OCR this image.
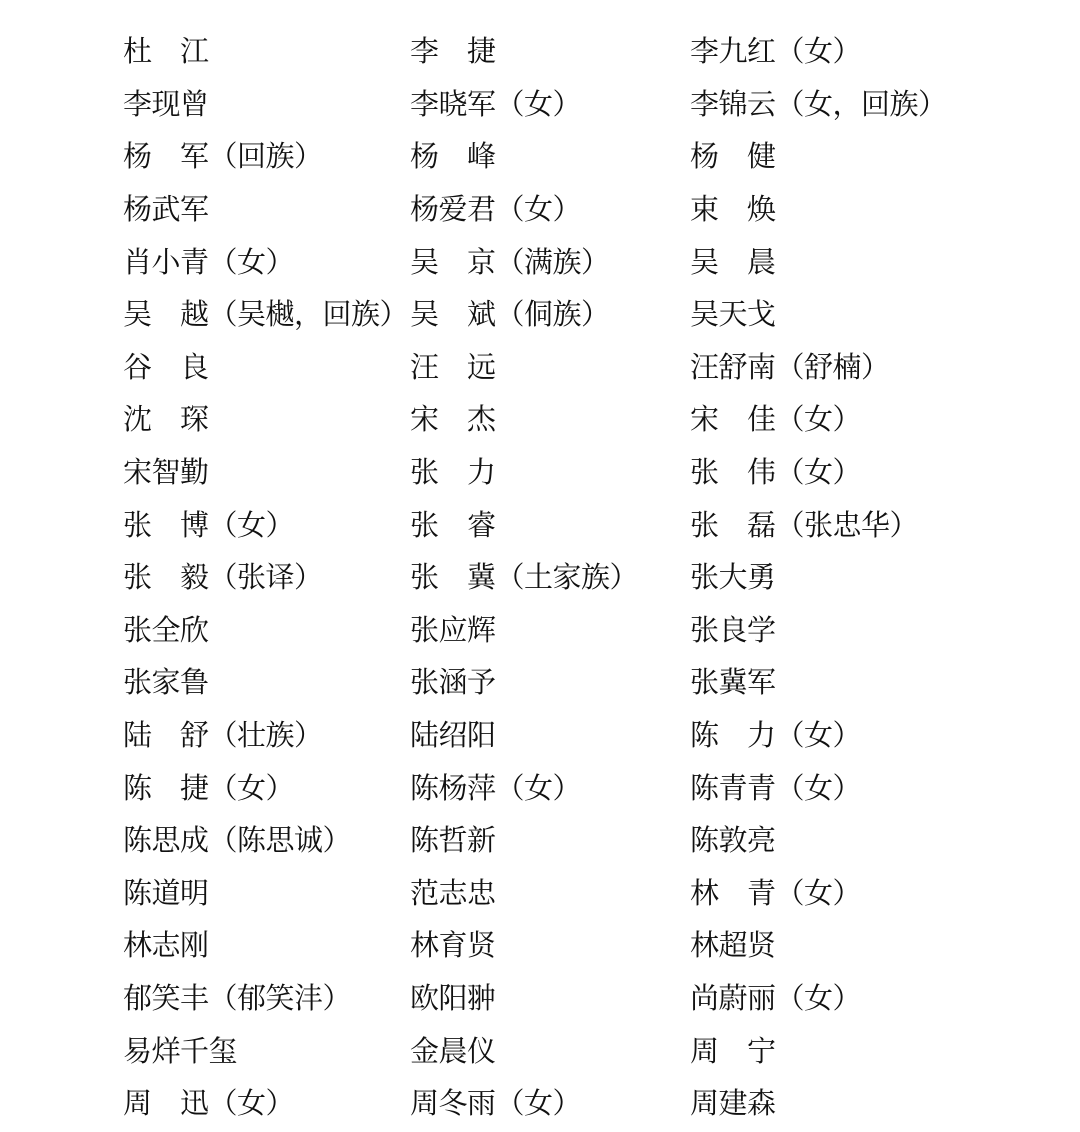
杜　江	李　捷	李九红（女）
李现曾	李晓军（女）	李锦云（女，回族）
杨　军（回族）	杨　峰	杨　健
杨武军	杨爱君（女）	束　焕
肖小青（女）	吴　京（满族）	吴　晨
吴　越（吴樾，回族） 吴　斌（侗族）	吴天戈
谷　良	汪　远	汪舒南（舒楠）
沈　琛	宋　杰	宋　佳（女）
宋智勤	张　力	张　伟（女）
张　博（女）	张　睿	张　磊（张忠华）
张　毅（张译）	张　冀（土家族）	张大勇
张全欣	张应辉	张良学
张家鲁	张涵予	张冀军
陆　舒（壮族）	陆绍阳	陈　力（女）
陈　捷（女）	陈杨萍（女）	陈青青（女）
陈思成（陈思诚）	陈哲新	陈敦亮
陈道明	范志忠	林　青（女）
林志刚	林育贤	林超贤
郁笑丰（郁笑沣）	欧阳翀	尚蔚丽（女）
易烊千玺	金晨仪	周　宁
周　迅（女）	周冬雨（女）	周建森
